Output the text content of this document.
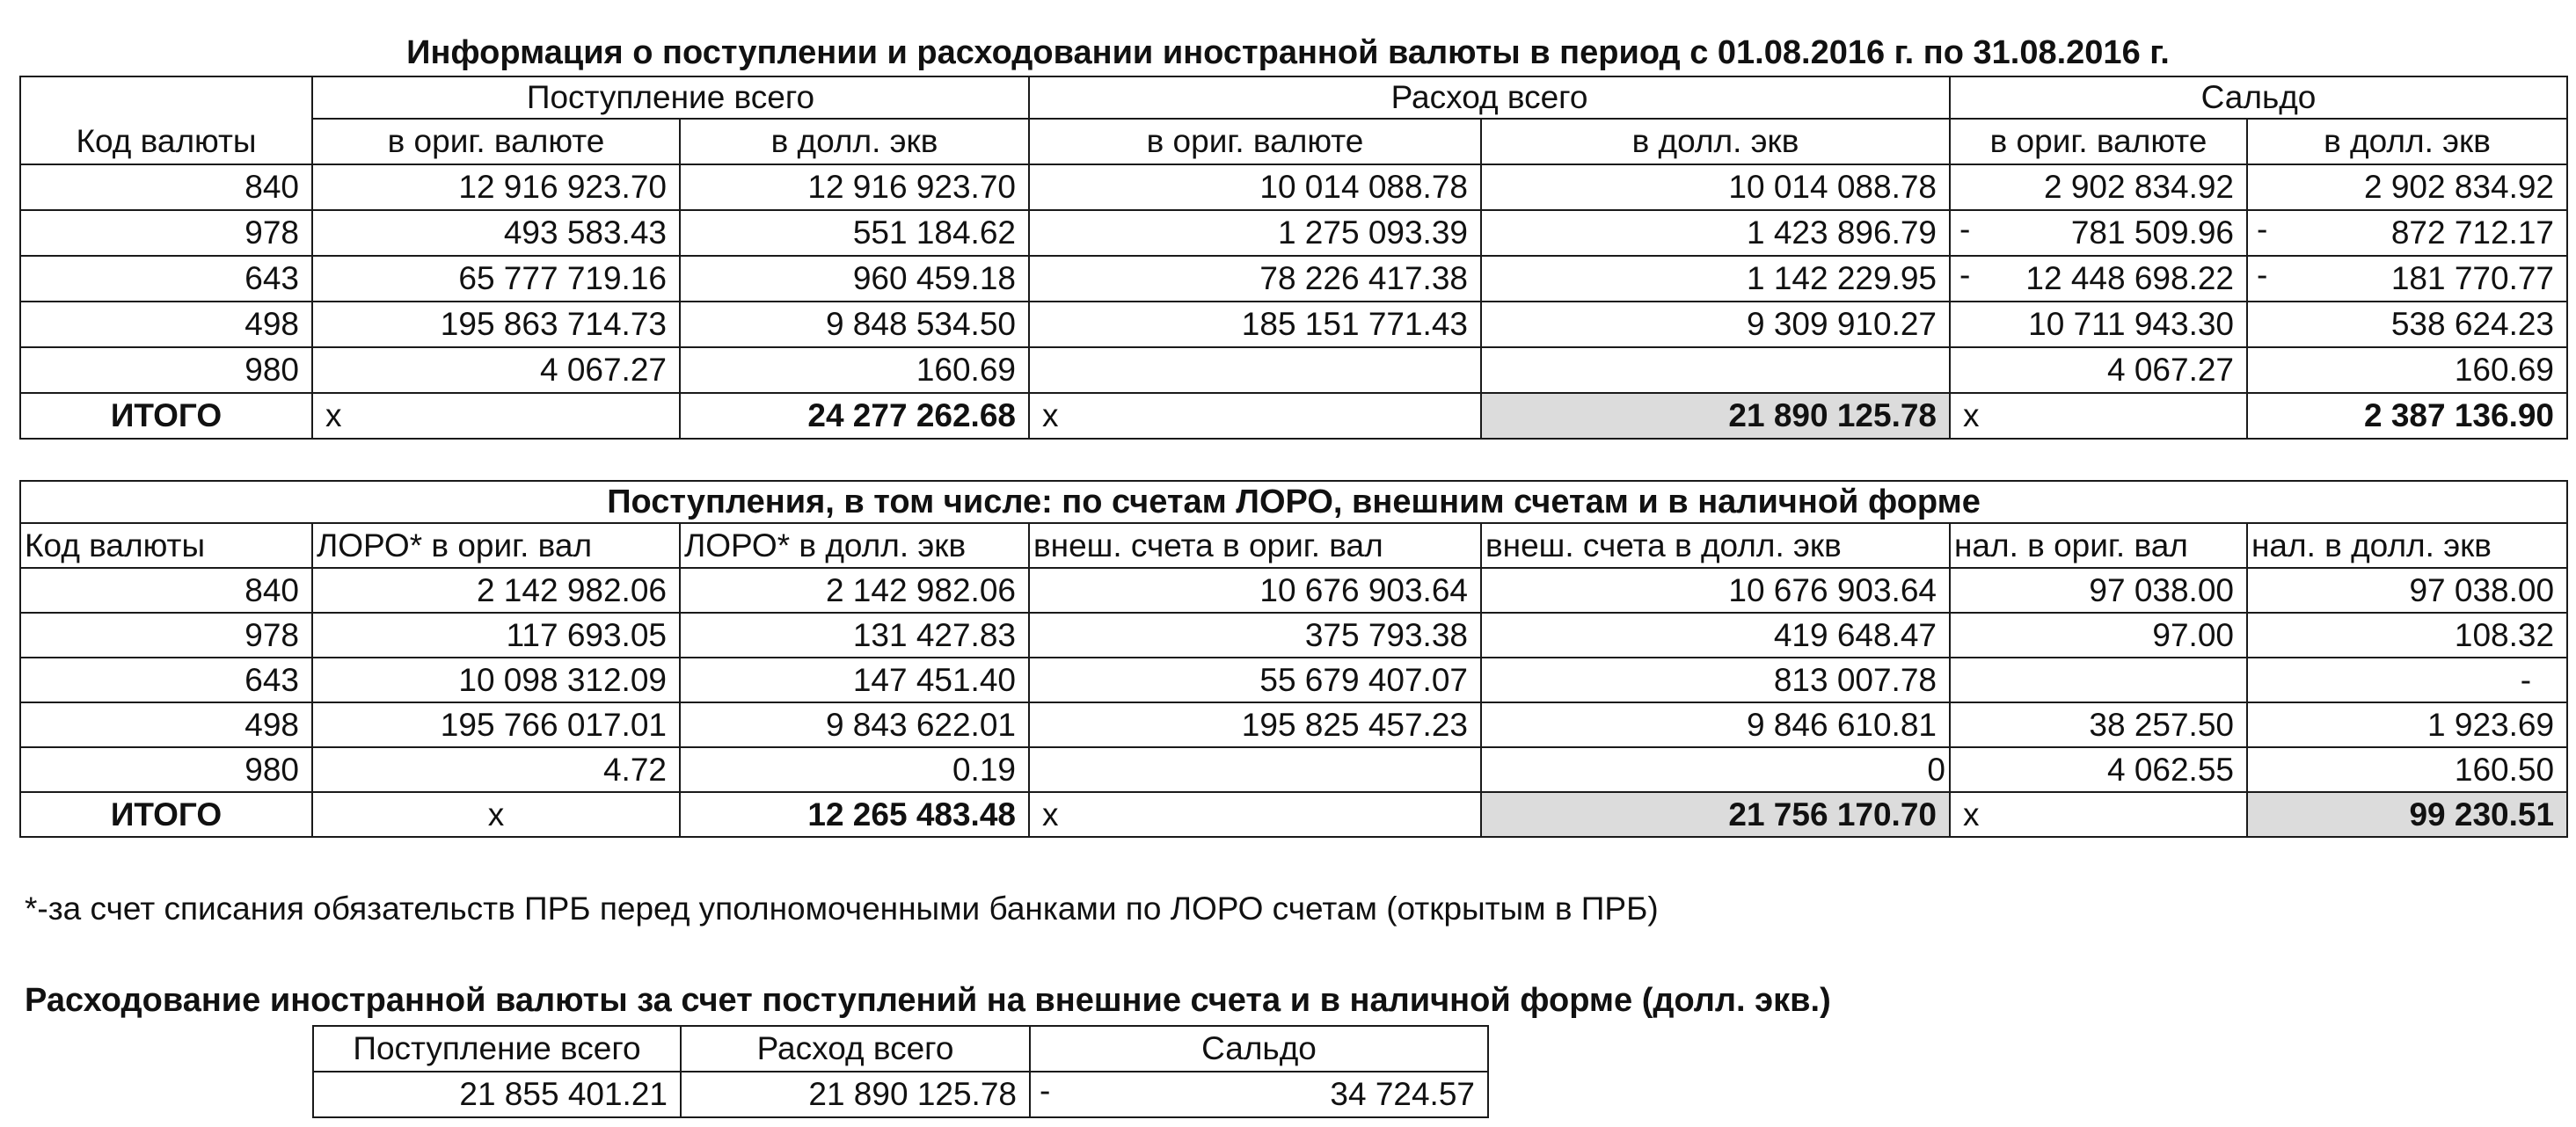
Информация о поступлении и расходовании иностранной валюты в период с 01.08.2016 г. по 31.08.2016 г.
Код валюты	Поступление всего		Расход всего		Сальдо	
	в ориг. валюте	в долл. экв	в ориг. валюте	в долл. экв	в ориг. валюте	в долл. экв
840	12 916 923.70	12 916 923.70	10 014 088.78	10 014 088.78	2 902 834.92	2 902 834.92
978	493 583.43	551 184.62	1 275 093.39	1 423 896.79	- 781 509.96	- 872 712.17
643	65 777 719.16	960 459.18	78 226 417.38	1 142 229.95	- 12 448 698.22	- 181 770.77
498	195 863 714.73	9 848 534.50	185 151 771.43	9 309 910.27	10 711 943.30	538 624.23
980	4 067.27	160.69			4 067.27	160.69
ИТОГО	x	24 277 262.68	x	21 890 125.78	x	2 387 136.90
Поступления, в том числе: по счетам ЛОРО, внешним счетам и в наличной форме						
Код валюты	ЛОРО* в ориг. вал	ЛОРО* в долл. экв	внеш. счета в ориг. вал	внеш. счета в долл. экв	нал. в ориг. вал	нал. в долл. экв
840	2 142 982.06	2 142 982.06	10 676 903.64	10 676 903.64	97 038.00	97 038.00
978	117 693.05	131 427.83	375 793.38	419 648.47	97.00	108.32
643	10 098 312.09	147 451.40	55 679 407.07	813 007.78		-
498	195 766 017.01	9 843 622.01	195 825 457.23	9 846 610.81	38 257.50	1 923.69
980	4.72	0.19		0	4 062.55	160.50
ИТОГО	x	12 265 483.48	x	21 756 170.70	x	99 230.51
*-за счет списания обязательств ПРБ перед уполномоченными банками по ЛОРО счетам (открытым в ПРБ)
Расходование иностранной валюты за счет поступлений на внешние счета и в наличной форме (долл. экв.)
Поступление всего	Расход всего	Сальдо
21 855 401.21	21 890 125.78	- 34 724.57
